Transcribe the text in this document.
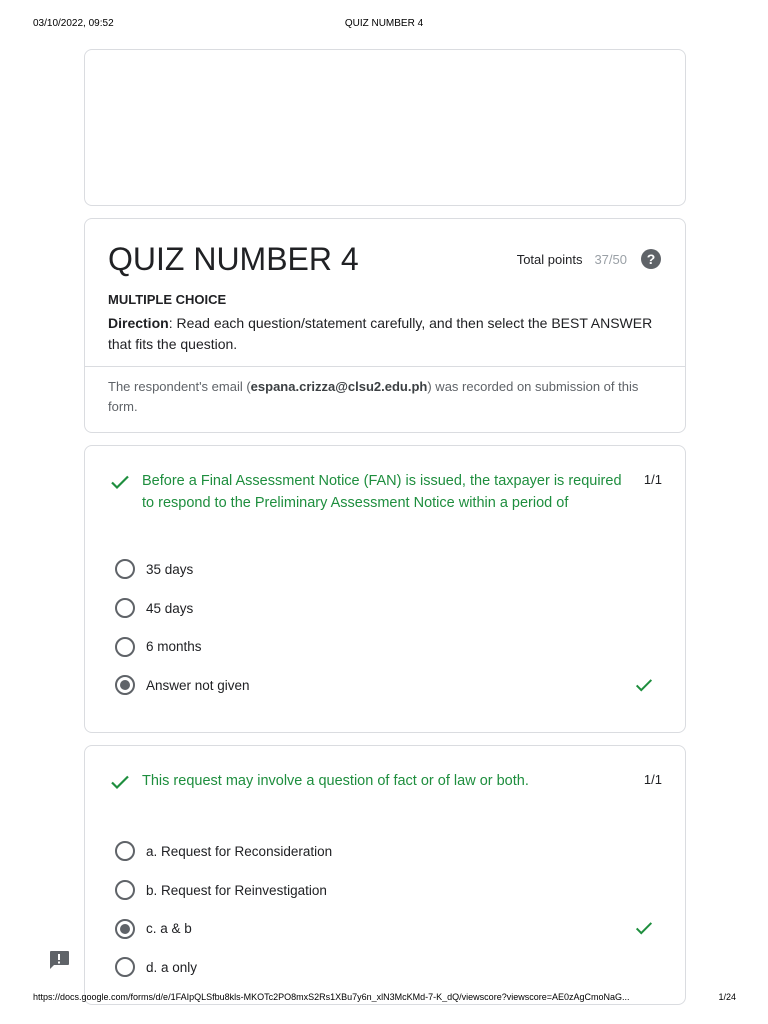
03/10/2022, 09:52	QUIZ NUMBER 4
QUIZ NUMBER 4	Total points 37/50	?
MULTIPLE CHOICE
Direction: Read each question/statement carefully, and then select the BEST ANSWER that fits the question.
The respondent's email (espana.crizza@clsu2.edu.ph) was recorded on submission of this form.
Before a Final Assessment Notice (FAN) is issued, the taxpayer is required to respond to the Preliminary Assessment Notice within a period of
1/1
35 days
45 days
6 months
Answer not given
This request may involve a question of fact or of law or both.	1/1
a. Request for Reconsideration
b. Request for Reinvestigation
c. a & b
d. a only
https://docs.google.com/forms/d/e/1FAIpQLSfbu8kls-MKOTc2PO8mxS2Rs1XBu7y6n_xlN3McKMd-7-K_dQ/viewscore?viewscore=AE0zAgCmoNaG...	1/24
